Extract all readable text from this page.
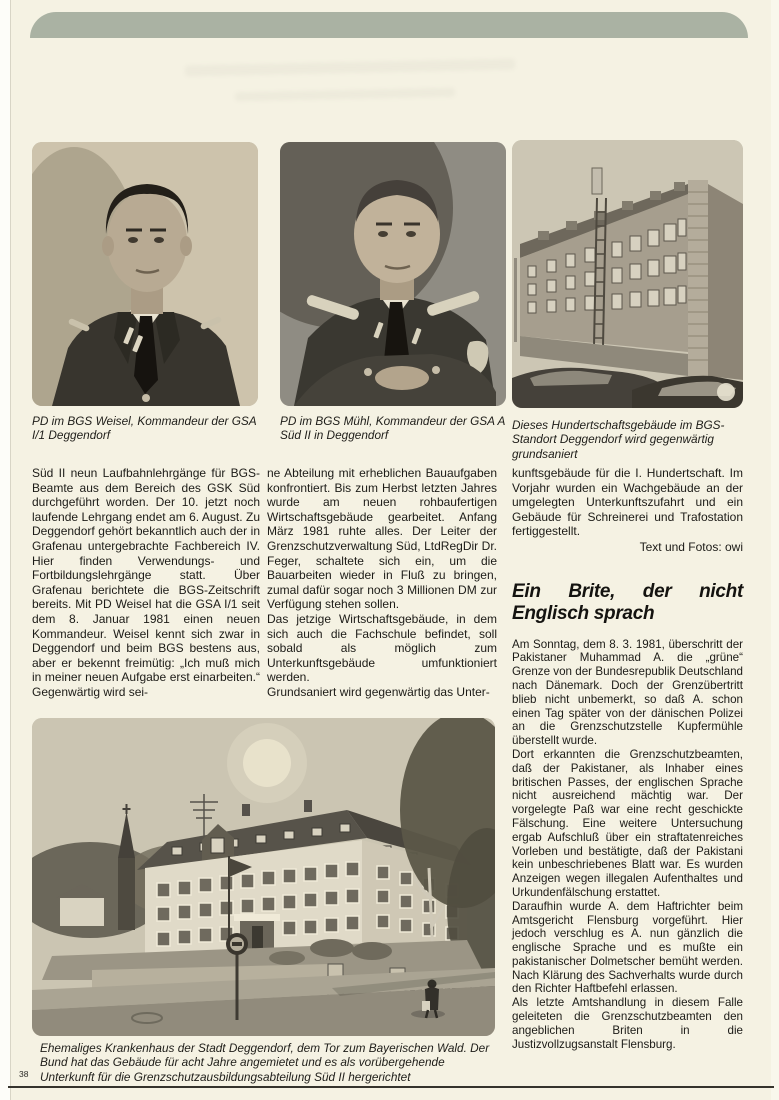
PD im BGS Weisel, Kommandeur der GSA I/1 Deggendorf

PD im BGS Mühl, Kommandeur der GSA A Süd II in Deggendorf

Dieses Hundertschaftsgebäude im BGS-Standort Deggendorf wird gegenwärtig grundsaniert

Süd II neun Laufbahnlehrgänge für BGS-Beamte aus dem Bereich des GSK Süd durchgeführt worden. Der 10. jetzt noch laufende Lehrgang endet am 6. August. Zu Deggendorf gehört bekanntlich auch der in Grafenau untergebrachte Fachbereich IV. Hier finden Verwendungs- und Fortbildungslehrgänge statt. Über Grafenau berichtete die BGS-Zeitschrift bereits. Mit PD Weisel hat die GSA I/1 seit dem 8. Januar 1981 einen neuen Kommandeur. Weisel kennt sich zwar in Deggendorf und beim BGS bestens aus, aber er bekennt freimütig: „Ich muß mich in meiner neuen Aufgabe erst einarbeiten.“ Gegenwärtig wird sei-

ne Abteilung mit erheblichen Bauaufgaben konfrontiert. Bis zum Herbst letzten Jahres wurde am neuen rohbaufertigen Wirtschaftsgebäude gearbeitet. Anfang März 1981 ruhte alles. Der Leiter der Grenzschutzverwaltung Süd, LtdRegDir Dr. Feger, schaltete sich ein, um die Bauarbeiten wieder in Fluß zu bringen, zumal dafür sogar noch 3 Millionen DM zur Verfügung stehen sollen.

Das jetzige Wirtschaftsgebäude, in dem sich auch die Fachschule befindet, soll sobald als möglich zum Unterkunftsgebäude umfunktioniert werden.

Grundsaniert wird gegenwärtig das Unter-

kunftsgebäude für die I. Hundertschaft. Im Vorjahr wurden ein Wachgebäude an der umgelegten Unterkunftszufahrt und ein Gebäude für Schreinerei und Trafostation fertiggestellt.

Text und Fotos: owi

Ein Brite, der nicht Englisch sprach

Am Sonntag, dem 8. 3. 1981, überschritt der Pakistaner Muhammad A. die „grüne“ Grenze von der Bundesrepublik Deutschland nach Dänemark. Doch der Grenzübertritt blieb nicht unbemerkt, so daß A. schon einen Tag später von der dänischen Polizei an die Grenzschutzstelle Kupfermühle überstellt wurde.

Dort erkannten die Grenzschutzbeamten, daß der Pakistaner, als Inhaber eines britischen Passes, der englischen Sprache nicht ausreichend mächtig war. Der vorgelegte Paß war eine recht geschickte Fälschung. Eine weitere Untersuchung ergab Aufschluß über ein straftatenreiches Vorleben und bestätigte, daß der Pakistani kein unbeschriebenes Blatt war. Es wurden Anzeigen wegen illegalen Aufenthaltes und Urkundenfälschung erstattet.

Daraufhin wurde A. dem Haftrichter beim Amtsgericht Flensburg vorgeführt. Hier jedoch verschlug es A. nun gänzlich die englische Sprache und es mußte ein pakistanischer Dolmetscher bemüht werden. Nach Klärung des Sachverhalts wurde durch den Richter Haftbefehl erlassen.

Als letzte Amtshandlung in diesem Falle geleiteten die Grenzschutzbeamten den angeblichen Briten in die Justizvollzugsanstalt Flensburg.

Ehemaliges Krankenhaus der Stadt Deggendorf, dem Tor zum Bayerischen Wald. Der Bund hat das Gebäude für acht Jahre angemietet und es als vorübergehende Unterkunft für die Grenzschutzausbildungsabteilung Süd II hergerichtet

38
